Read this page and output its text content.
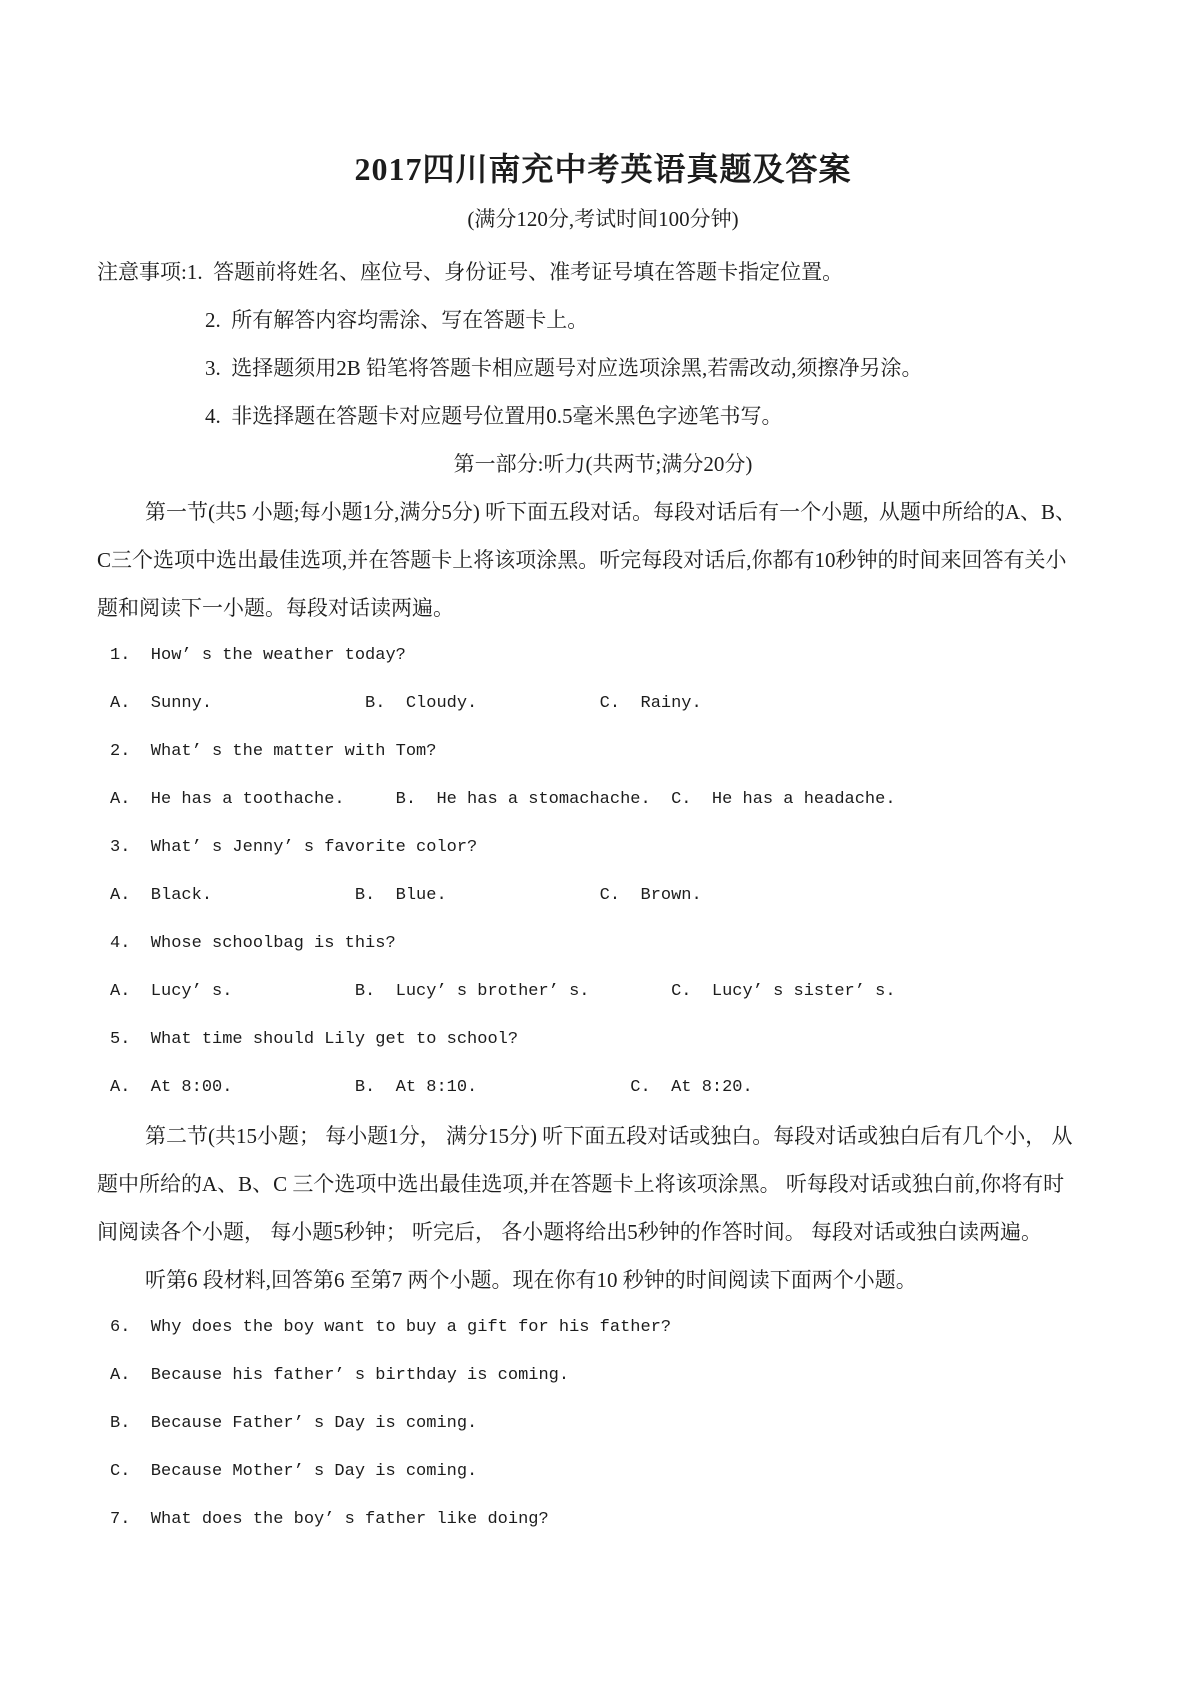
2017四川南充中考英语真题及答案
(满分120分,考试时间100分钟)
注意事项:1.  答题前将姓名、座位号、身份证号、准考证号填在答题卡指定位置。
2.  所有解答内容均需涂、写在答题卡上。
3.  选择题须用2B 铅笔将答题卡相应题号对应选项涂黑,若需改动,须擦净另涂。
4.  非选择题在答题卡对应题号位置用0.5毫米黑色字迹笔书写。
第一部分:听力(共两节;满分20分)
第一节(共5 小题;每小题1分,满分5分) 听下面五段对话。每段对话后有一个小题,  从题中所给的A、B、
C三个选项中选出最佳选项,并在答题卡上将该项涂黑。听完每段对话后,你都有10秒钟的时间来回答有关小
题和阅读下一小题。每段对话读两遍。
1.  How’ s the weather today?
A.  Sunny.               B.  Cloudy.            C.  Rainy.
2.  What’ s the matter with Tom?
A.  He has a toothache.     B.  He has a stomachache.  C.  He has a headache.
3.  What’ s Jenny’ s favorite color?
A.  Black.              B.  Blue.               C.  Brown.
4.  Whose schoolbag is this?
A.  Lucy’ s.            B.  Lucy’ s brother’ s.        C.  Lucy’ s sister’ s.
5.  What time should Lily get to school?
A.  At 8:00.            B.  At 8:10.               C.  At 8:20.
第二节(共15小题； 每小题1分， 满分15分) 听下面五段对话或独白。每段对话或独白后有几个小， 从
题中所给的A、B、C 三个选项中选出最佳选项,并在答题卡上将该项涂黑。 听每段对话或独白前,你将有时
间阅读各个小题， 每小题5秒钟； 听完后， 各小题将给出5秒钟的作答时间。 每段对话或独白读两遍。
听第6 段材料,回答第6 至第7 两个小题。现在你有10 秒钟的时间阅读下面两个小题。
6.  Why does the boy want to buy a gift for his father?
A.  Because his father’ s birthday is coming.
B.  Because Father’ s Day is coming.
C.  Because Mother’ s Day is coming.
7.  What does the boy’ s father like doing?
